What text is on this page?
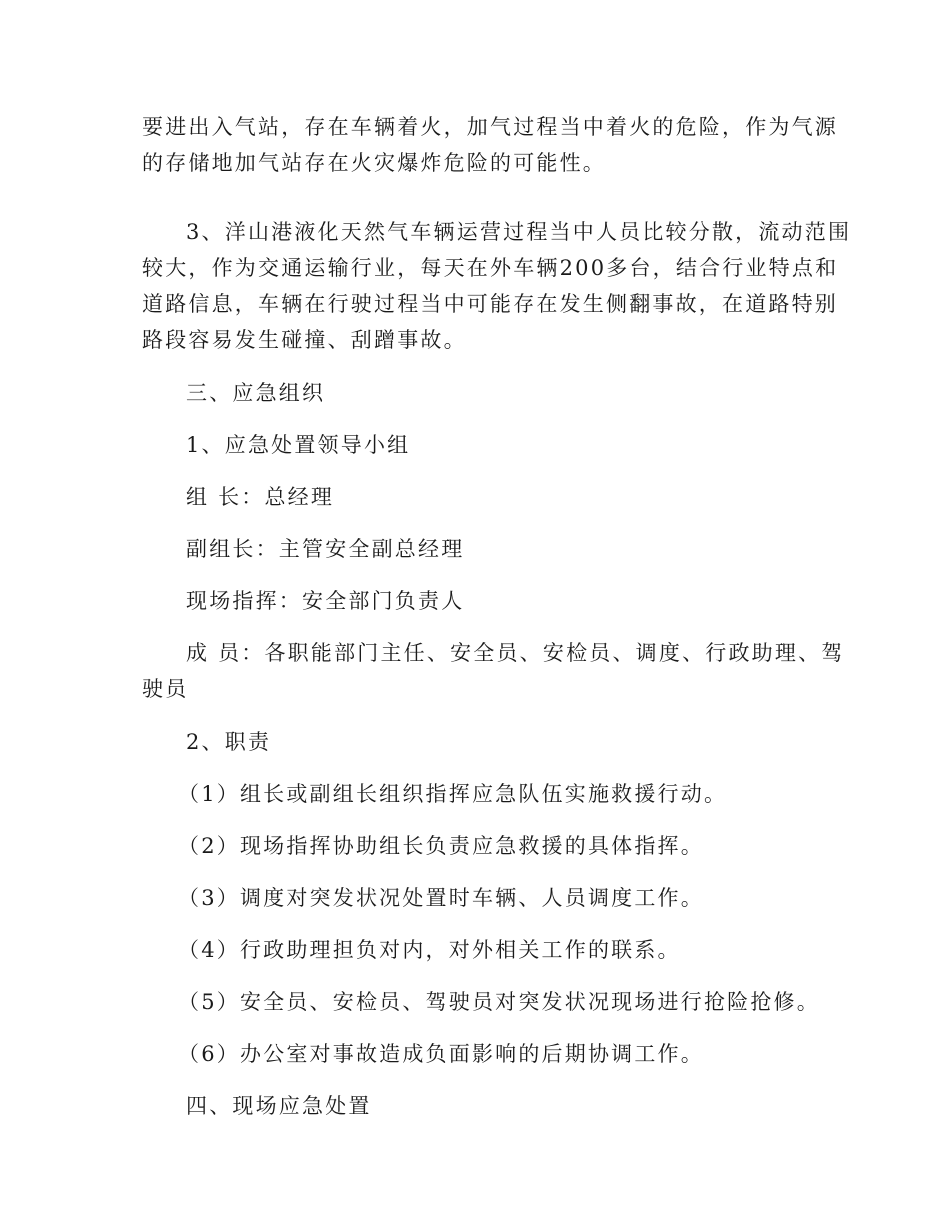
要进出入气站，存在车辆着火，加气过程当中着火的危险，作为气源
的存储地加气站存在火灾爆炸危险的可能性。
3、洋山港液化天然气车辆运营过程当中人员比较分散，流动范围
较大，作为交通运输行业，每天在外车辆200多台，结合行业特点和
道路信息，车辆在行驶过程当中可能存在发生侧翻事故，在道路特别
路段容易发生碰撞、刮蹭事故。
三、应急组织
1、应急处置领导小组
组 长：总经理
副组长：主管安全副总经理
现场指挥：安全部门负责人
成 员：各职能部门主任、安全员、安检员、调度、行政助理、驾
驶员
2、职责
（1）组长或副组长组织指挥应急队伍实施救援行动。
（2）现场指挥协助组长负责应急救援的具体指挥。
（3）调度对突发状况处置时车辆、人员调度工作。
（4）行政助理担负对内，对外相关工作的联系。
（5）安全员、安检员、驾驶员对突发状况现场进行抢险抢修。
（6）办公室对事故造成负面影响的后期协调工作。
四、现场应急处置
